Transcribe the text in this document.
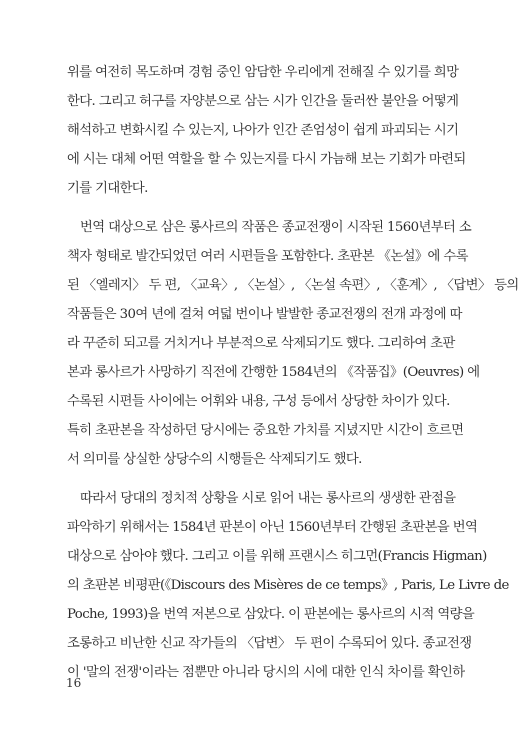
위를 여전히 목도하며 경험 중인 암담한 우리에게 전해질 수 있기를 희망
한다. 그리고 허구를 자양분으로 삼는 시가 인간을 둘러싼 불안을 어떻게
해석하고 변화시킬 수 있는지, 나아가 인간 존엄성이 쉽게 파괴되는 시기
에 시는 대체 어떤 역할을 할 수 있는지를 다시 가늠해 보는 기회가 마련되
기를 기대한다.
번역 대상으로 삼은 롱사르의 작품은 종교전쟁이 시작된 1560년부터 소
책자 형태로 발간되었던 여러 시편들을 포함한다. 초판본 《논설》에 수록
된 〈엘레지〉 두 편, 〈교육〉, 〈논설〉, 〈논설 속편〉, 〈훈계〉, 〈답변〉 등의
작품들은 30여 년에 걸쳐 여덟 번이나 발발한 종교전쟁의 전개 과정에 따
라 꾸준히 되고를 거치거나 부분적으로 삭제되기도 했다. 그리하여 초판
본과 롱사르가 사망하기 직전에 간행한 1584년의 《작품집》(Oeuvres) 에
수록된 시편들 사이에는 어휘와 내용, 구성 등에서 상당한 차이가 있다.
특히 초판본을 작성하던 당시에는 중요한 가치를 지녔지만 시간이 흐르면
서 의미를 상실한 상당수의 시행들은 삭제되기도 했다.
따라서 당대의 정치적 상황을 시로 읽어 내는 롱사르의 생생한 관점을
파악하기 위해서는 1584년 판본이 아닌 1560년부터 간행된 초판본을 번역
대상으로 삼아야 했다. 그리고 이를 위해 프랜시스 히그먼(Francis Higman)
의 초판본 비평판(《Discours des Misères de ce temps》, Paris, Le Livre de
Poche, 1993)을 번역 저본으로 삼았다. 이 판본에는 롱사르의 시적 역량을
조롱하고 비난한 신교 작가들의 〈답변〉 두 편이 수록되어 있다. 종교전쟁
이 '말의 전쟁'이라는 점뿐만 아니라 당시의 시에 대한 인식 차이를 확인하
16
